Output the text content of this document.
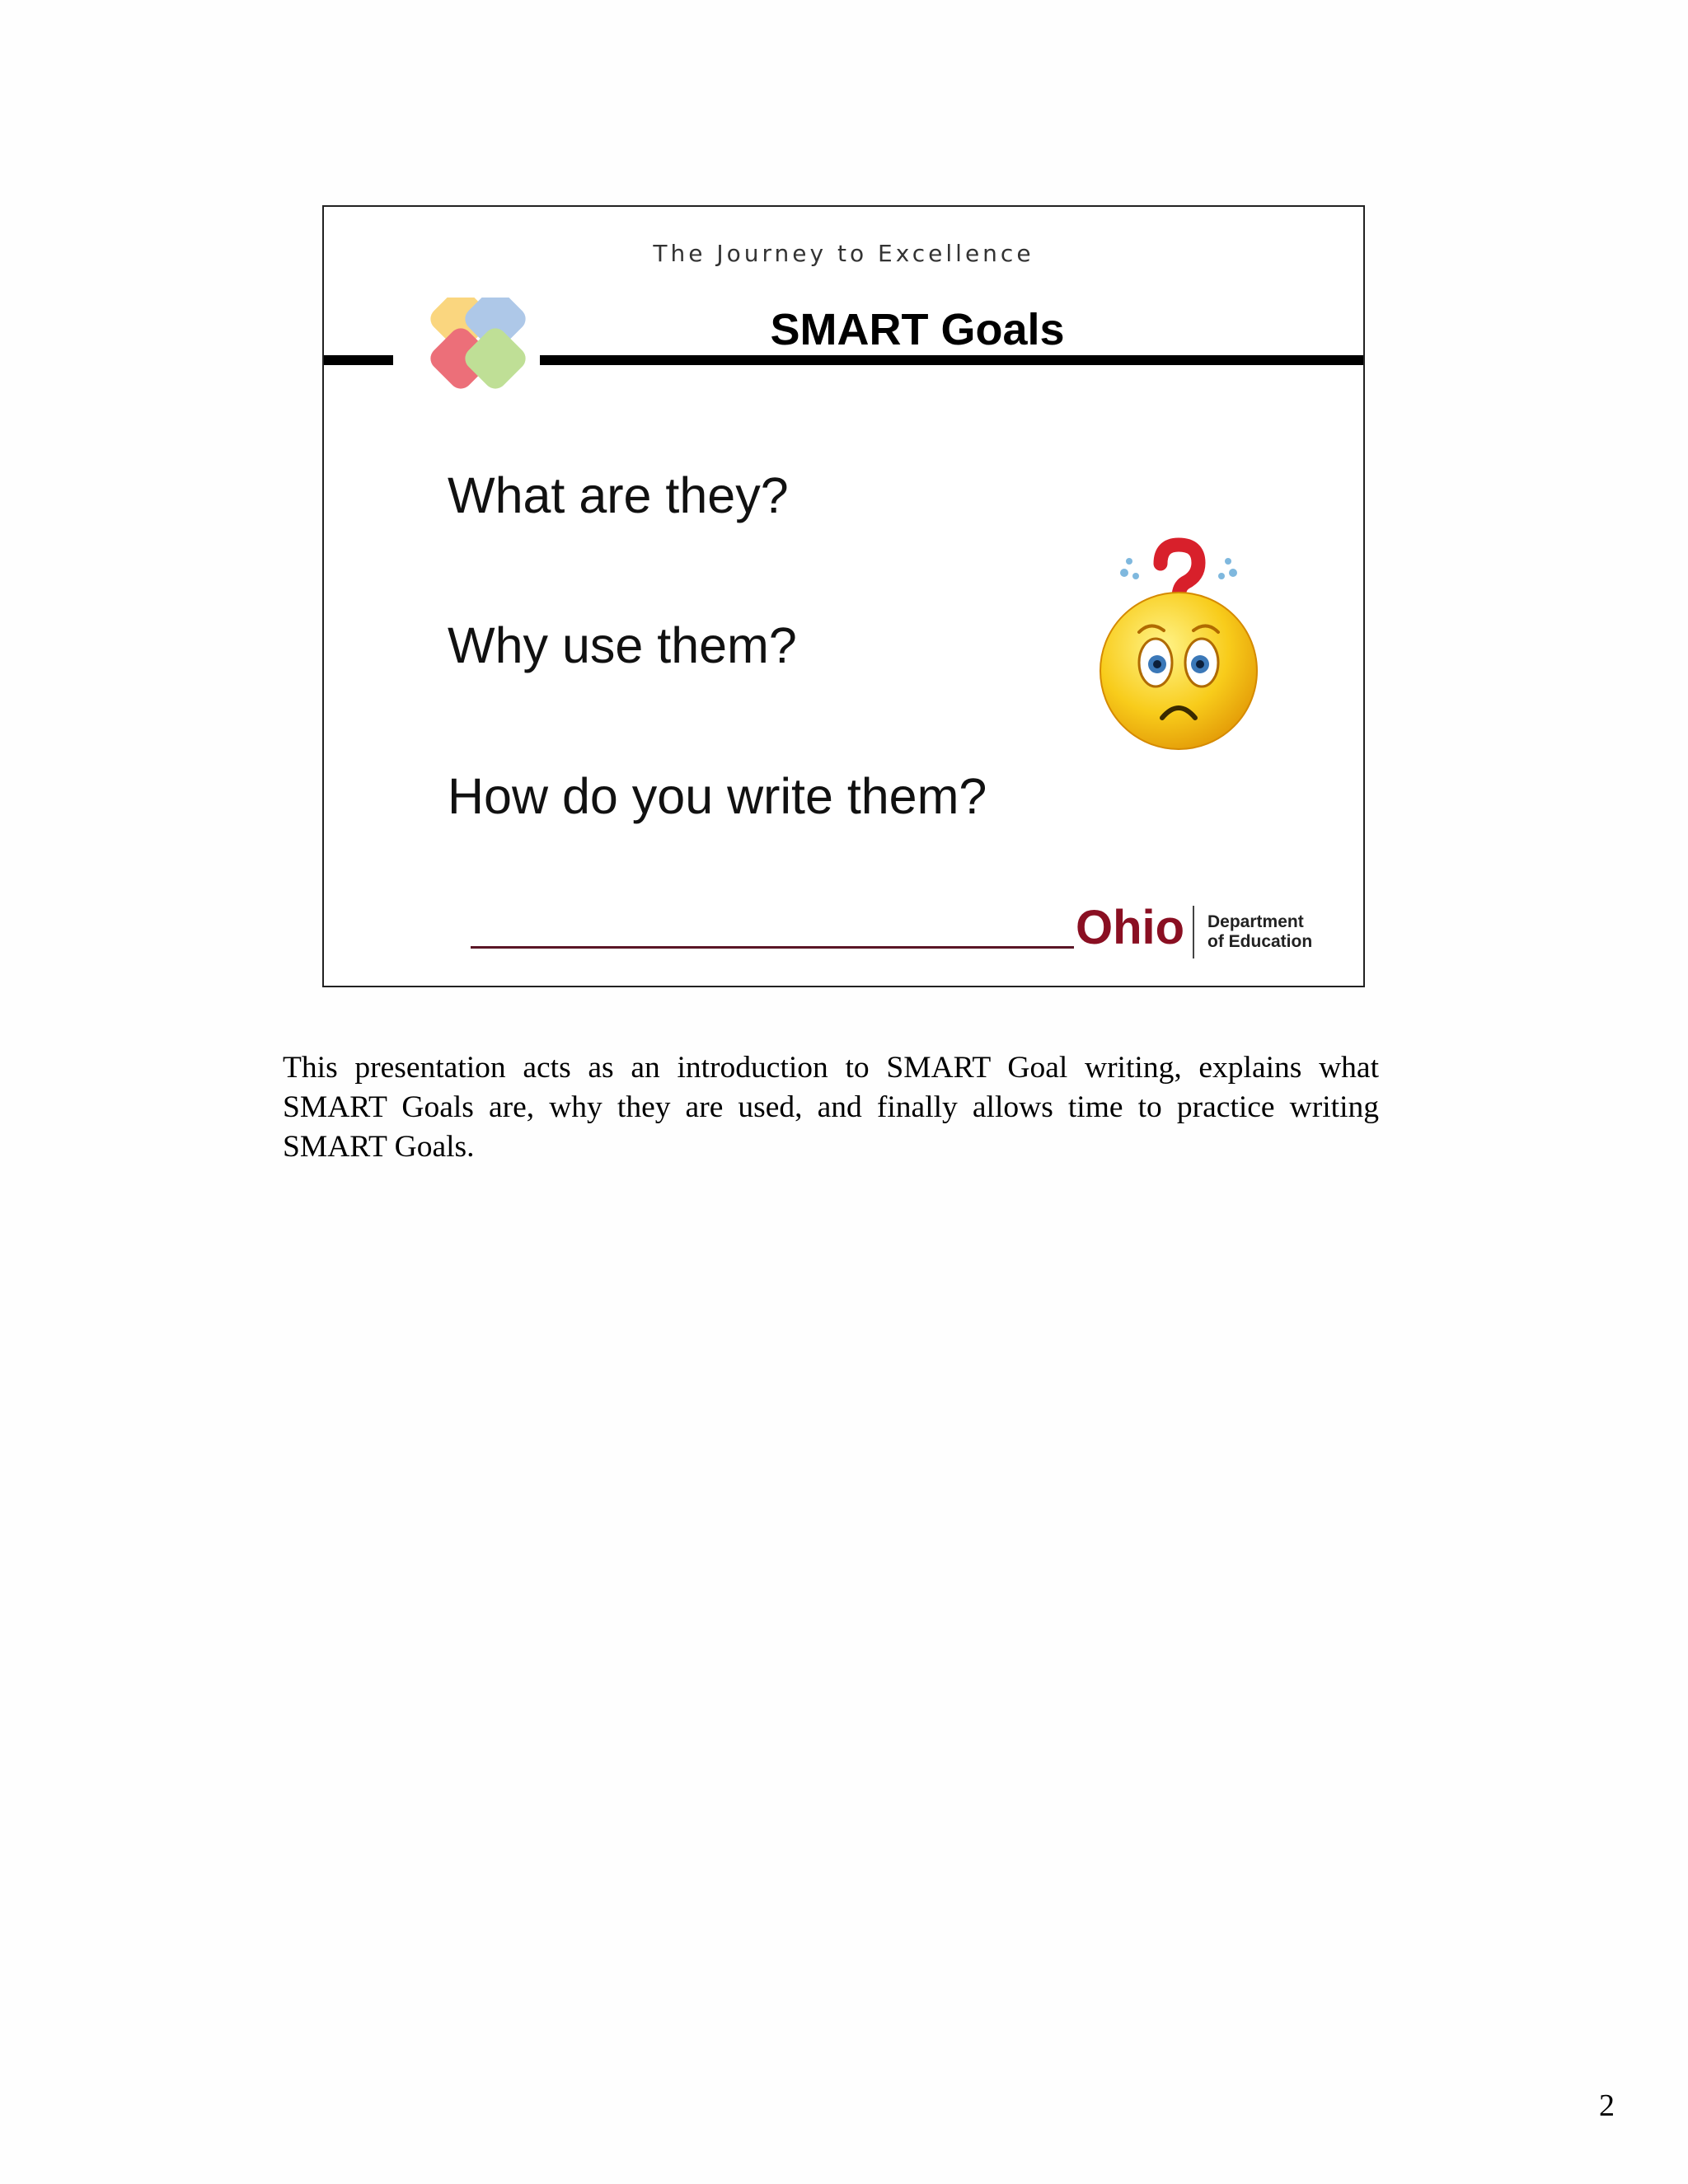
The Journey to Excellence
SMART Goals
What are they?
Why use them?
How do you write them?
Ohio Department
of Education

This presentation acts as an introduction to SMART Goal writing, explains what SMART Goals are, why they are used, and finally allows time to practice writing SMART Goals.

2
